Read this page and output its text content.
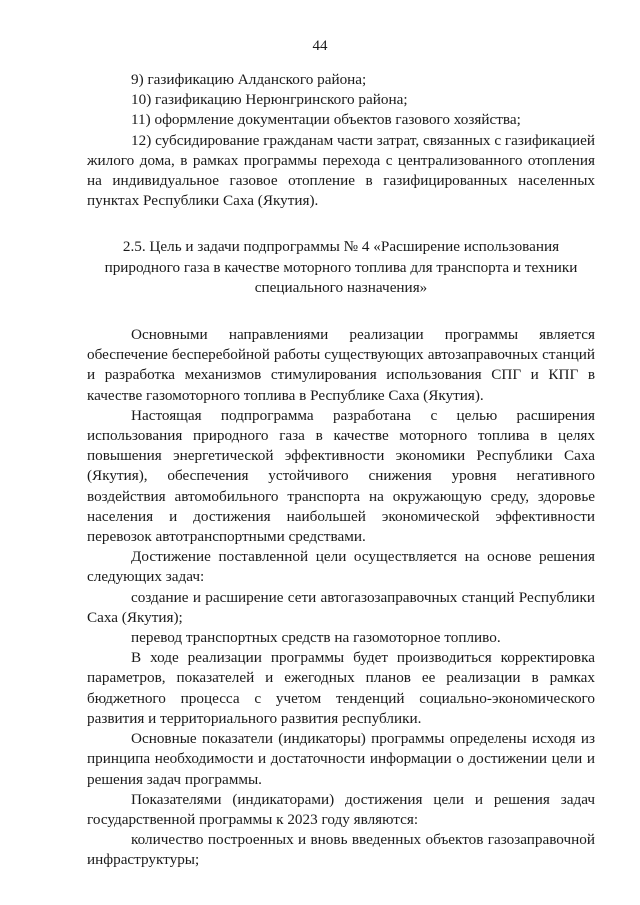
44

9) газификацию Алданского района;

10) газификацию Нерюнгринского района;

11) оформление документации объектов газового хозяйства;

12) субсидирование гражданам части затрат, связанных с газификацией жилого дома, в рамках программы перехода с централизованного отопления на индивидуальное газовое отопление в газифицированных населенных пунктах Республики Саха (Якутия).

2.5. Цель и задачи подпрограммы № 4 «Расширение использования природного газа в качестве моторного топлива для транспорта и техники специального назначения»

Основными направлениями реализации программы является обеспечение бесперебойной работы существующих автозаправочных станций и разработка механизмов стимулирования использования СПГ и КПГ в качестве газомоторного топлива в Республике Саха (Якутия).

Настоящая подпрограмма разработана с целью расширения использования природного газа в качестве моторного топлива в целях повышения энергетической эффективности экономики Республики Саха (Якутия), обеспечения устойчивого снижения уровня негативного воздействия автомобильного транспорта на окружающую среду, здоровье населения и достижения наибольшей экономической эффективности перевозок автотранспортными средствами.

Достижение поставленной цели осуществляется на основе решения следующих задач:

создание и расширение сети автогазозаправочных станций Республики Саха (Якутия);

перевод транспортных средств на газомоторное топливо.

В ходе реализации программы будет производиться корректировка параметров, показателей и ежегодных планов ее реализации в рамках бюджетного процесса с учетом тенденций социально-экономического развития и территориального развития республики.

Основные показатели (индикаторы) программы определены исходя из принципа необходимости и достаточности информации о достижении цели и решения задач программы.

Показателями (индикаторами) достижения цели и решения задач государственной программы к 2023 году являются:

количество построенных и вновь введенных объектов газозаправочной инфраструктуры;
